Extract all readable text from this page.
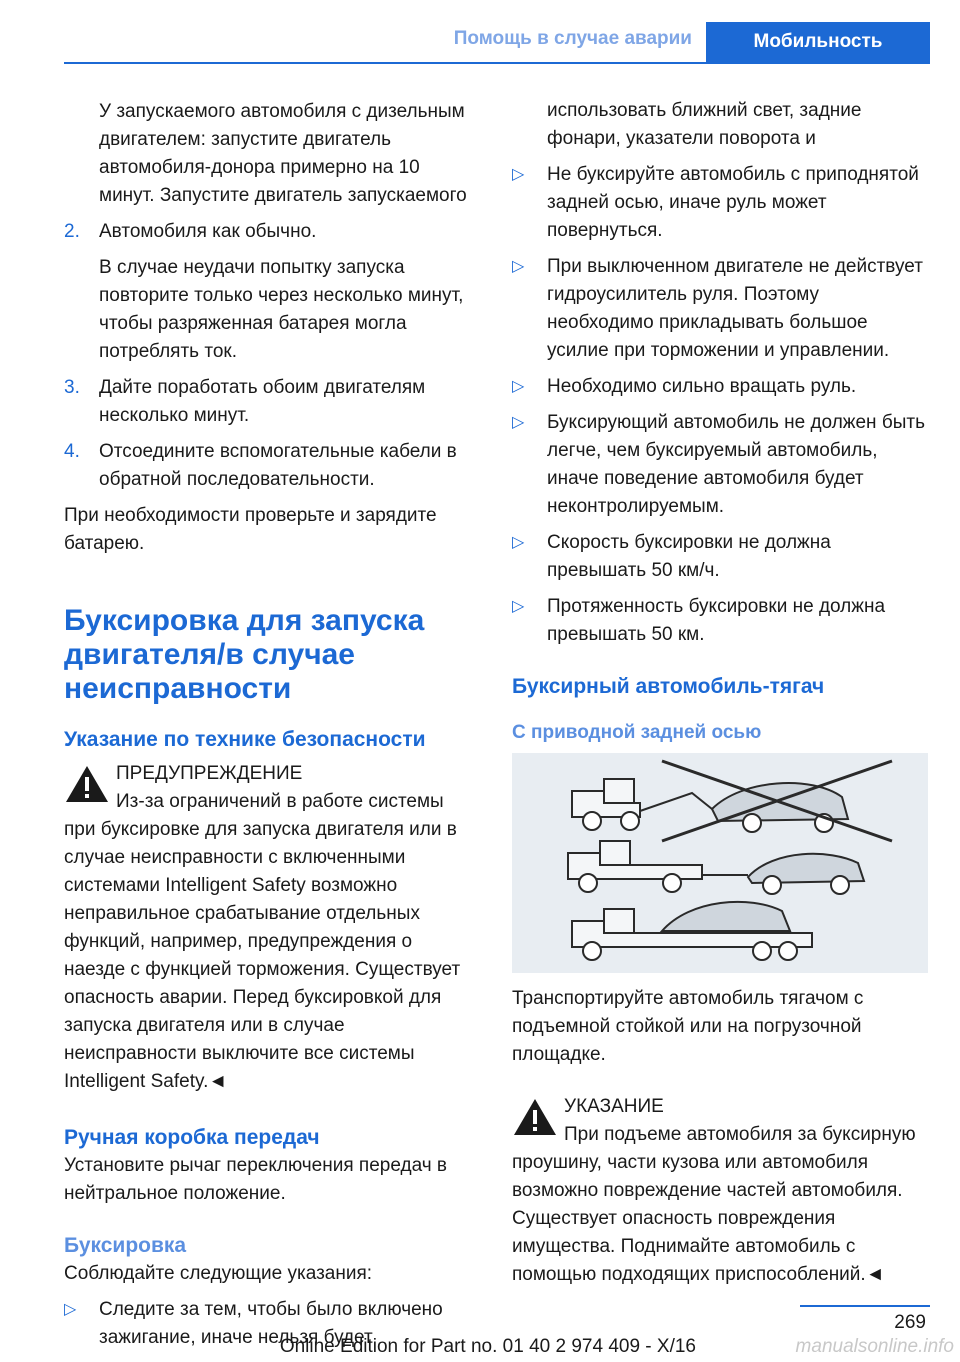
Помощь в случае аварии	Мобильность

У запускаемого автомобиля с дизельным двигателем: запустите двигатель автомобиля-донора примерно на 10 минут. Запустите двигатель запускаемого

2. Автомобиля как обычно.

В случае неудачи попытку запуска повторите только через несколько минут, чтобы разряженная батарея могла потреблять ток.

3. Дайте поработать обоим двигателям несколько минут.

4. Отсоедините вспомогательные кабели в обратной последовательности.

При необходимости проверьте и зарядите батарею.

Буксировка для запуска двигателя/в случае неисправности
Указание по технике безопасности

ПРЕДУПРЕЖДЕНИЕ

Из-за ограничений в работе системы

при буксировке для запуска двигателя или в случае неисправности с включенными системами Intelligent Safety возможно неправильное срабатывание отдельных функций, например, предупреждения о наезде с функцией торможения. Существует опасность аварии. Перед буксировкой для запуска двигателя или в случае неисправности выключите все системы Intelligent Safety.◄

Ручная коробка передач

Установите рычаг переключения передач в нейтральное положение.

Буксировка

Соблюдайте следующие указания:

▷ Следите за тем, чтобы было включено зажигание, иначе нельзя будет

использовать ближний свет, задние фонари, указатели поворота и

▷ Не буксируйте автомобиль с приподнятой задней осью, иначе руль может повернуться.

▷ При выключенном двигателе не действует гидроусилитель руля. Поэтому необходимо прикладывать большое усилие при торможении и управлении.

▷ Необходимо сильно вращать руль.

▷ Буксирующий автомобиль не должен быть легче, чем буксируемый автомобиль, иначе поведение автомобиля будет неконтролируемым.

▷ Скорость буксировки не должна превышать 50 км/ч.

▷ Протяженность буксировки не должна превышать 50 км.

Буксирный автомобиль-тягач
С приводной задней осью

Транспортируйте автомобиль тягачом с подъемной стойкой или на погрузочной площадке.

УКАЗАНИЕ

При подъеме автомобиля за буксирную

проушину, части кузова или автомобиля возможно повреждение частей автомобиля. Существует опасность повреждения имущества. Поднимайте автомобиль с помощью подходящих приспособлений.◄

269
Online Edition for Part no. 01 40 2 974 409 - X/16	manualsonline.info
